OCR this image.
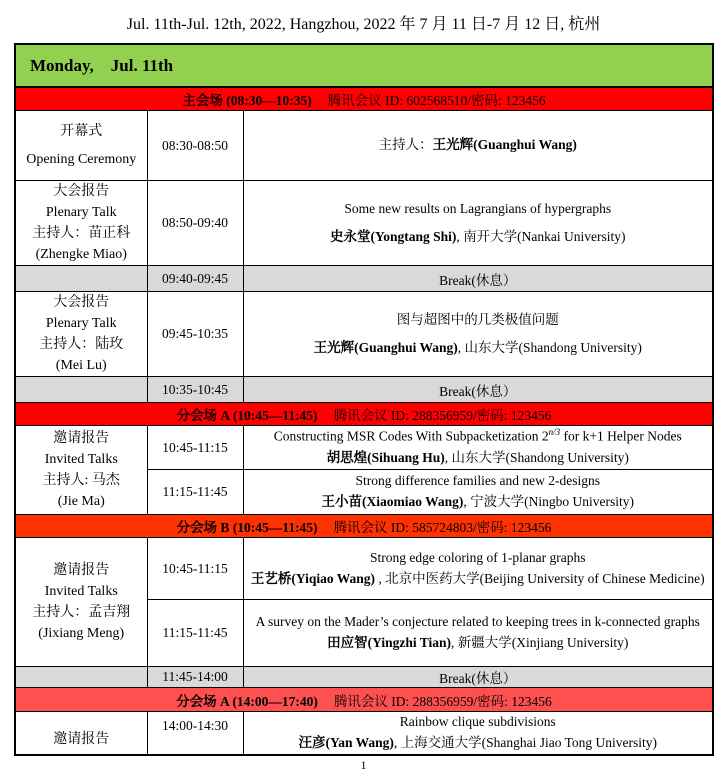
Jul. 11th-Jul. 12th, 2022, Hangzhou, 2022 年 7 月 11 日-7 月 12 日, 杭州
Monday,    Jul. 11th		
主会场 (08:30—10:35) 腾讯会议 ID: 602568510/密码: 123456		

开幕式
Opening Ceremony	08:30-08:50	主持人：王光辉(Guanghui Wang)

大会报告
Plenary Talk
主持人：苗正科
(Zhengke Miao)
	08:50-09:40	
Some new results on Lagrangians of hypergraphs
史永堂(Yongtang Shi), 南开大学(Nankai University)

	09:40-09:45	Break(休息）

大会报告
Plenary Talk
主持人：陆玫
(Mei Lu)
	09:45-10:35	
图与超图中的几类极值问题
王光辉(Guanghui Wang), 山东大学(Shandong University)

	10:35-10:45	Break(休息）
分会场 A (10:45—11:45) 腾讯会议 ID: 288356959/密码: 123456		

邀请报告
Invited Talks
主持人: 马杰
(Jie Ma)
	10:45-11:15	
Constructing MSR Codes With Subpacketization $2^{n/3}$ for k+1 Helper Nodes
胡思煌(Sihuang Hu), 山东大学(Shandong University)

	11:15-11:45	Strong difference families and new 2-designs
王小苗(Xiaomiao Wang), 宁波大学(Ningbo University)

分会场 B (10:45—11:45) 腾讯会议 ID: 585724803/密码: 123456		

邀请报告
Invited Talks
主持人：孟吉翔
(Jixiang Meng)
	10:45-11:15	
Strong edge coloring of 1-planar graphs
王艺桥(Yiqiao Wang) , 北京中医药大学(Beijing University of Chinese Medicine)

	11:15-11:45	A survey on the Mader’s conjecture related to keeping trees in k-connected graphs
田应智(Yingzhi Tian), 新疆大学(Xinjiang University)

	11:45-14:00	Break(休息）
分会场 A (14:00—17:40) 腾讯会议 ID: 288356959/密码: 123456		

邀请报告	14:00-14:30	Rainbow clique subdivisions
汪彦(Yan Wang), 上海交通大学(Shanghai Jiao Tong University)
1
